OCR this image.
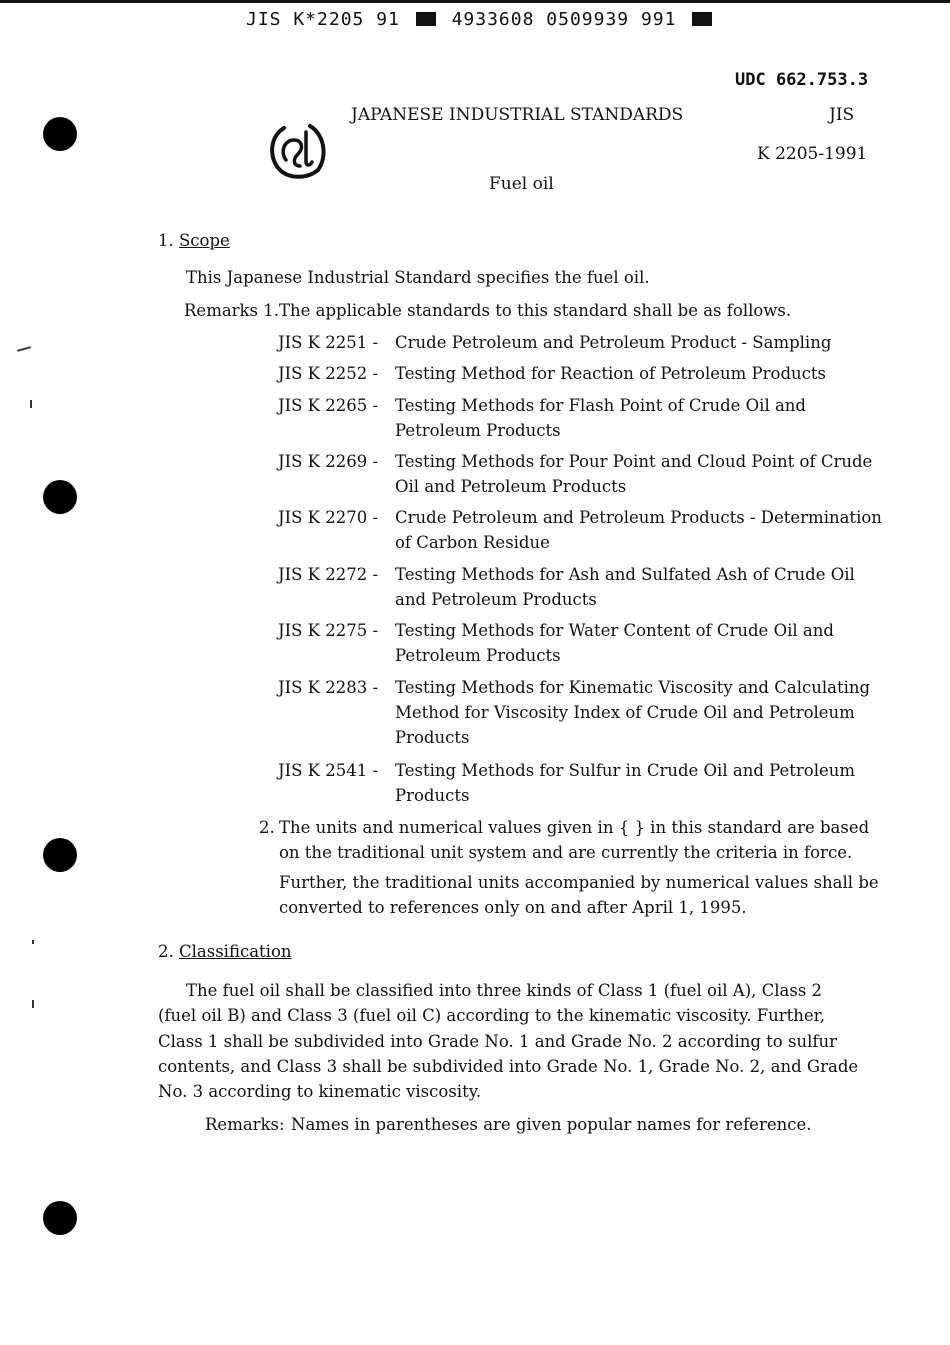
JIS K*2205 91	4933608 0509939 991
UDC 662.753.3
JAPANESE INDUSTRIAL STANDARDS	JIS
K 2205-1991
Fuel oil
1. Scope
This Japanese Industrial Standard specifies the fuel oil.
Remarks 1. The applicable standards to this standard shall be as follows.
JIS K 2251 - Crude Petroleum and Petroleum Product - Sampling
JIS K 2252 - Testing Method for Reaction of Petroleum Products
JIS K 2265 - Testing Methods for Flash Point of Crude Oil and
Petroleum Products
JIS K 2269 - Testing Methods for Pour Point and Cloud Point of Crude
Oil and Petroleum Products
JIS K 2270 - Crude Petroleum and Petroleum Products - Determination
of Carbon Residue
JIS K 2272 - Testing Methods for Ash and Sulfated Ash of Crude Oil
and Petroleum Products
JIS K 2275 - Testing Methods for Water Content of Crude Oil and
Petroleum Products
JIS K 2283 - Testing Methods for Kinematic Viscosity and Calculating
Method for Viscosity Index of Crude Oil and Petroleum
Products
JIS K 2541 - Testing Methods for Sulfur in Crude Oil and Petroleum
Products
2. The units and numerical values given in { } in this standard are based
on the traditional unit system and are currently the criteria in force.
Further, the traditional units accompanied by numerical values shall be
converted to references only on and after April 1, 1995.
2. Classification
The fuel oil shall be classified into three kinds of Class 1 (fuel oil A), Class 2
(fuel oil B) and Class 3 (fuel oil C) according to the kinematic viscosity. Further,
Class 1 shall be subdivided into Grade No. 1 and Grade No. 2 according to sulfur
contents, and Class 3 shall be subdivided into Grade No. 1, Grade No. 2, and Grade
No. 3 according to kinematic viscosity.
Remarks: Names in parentheses are given popular names for reference.
